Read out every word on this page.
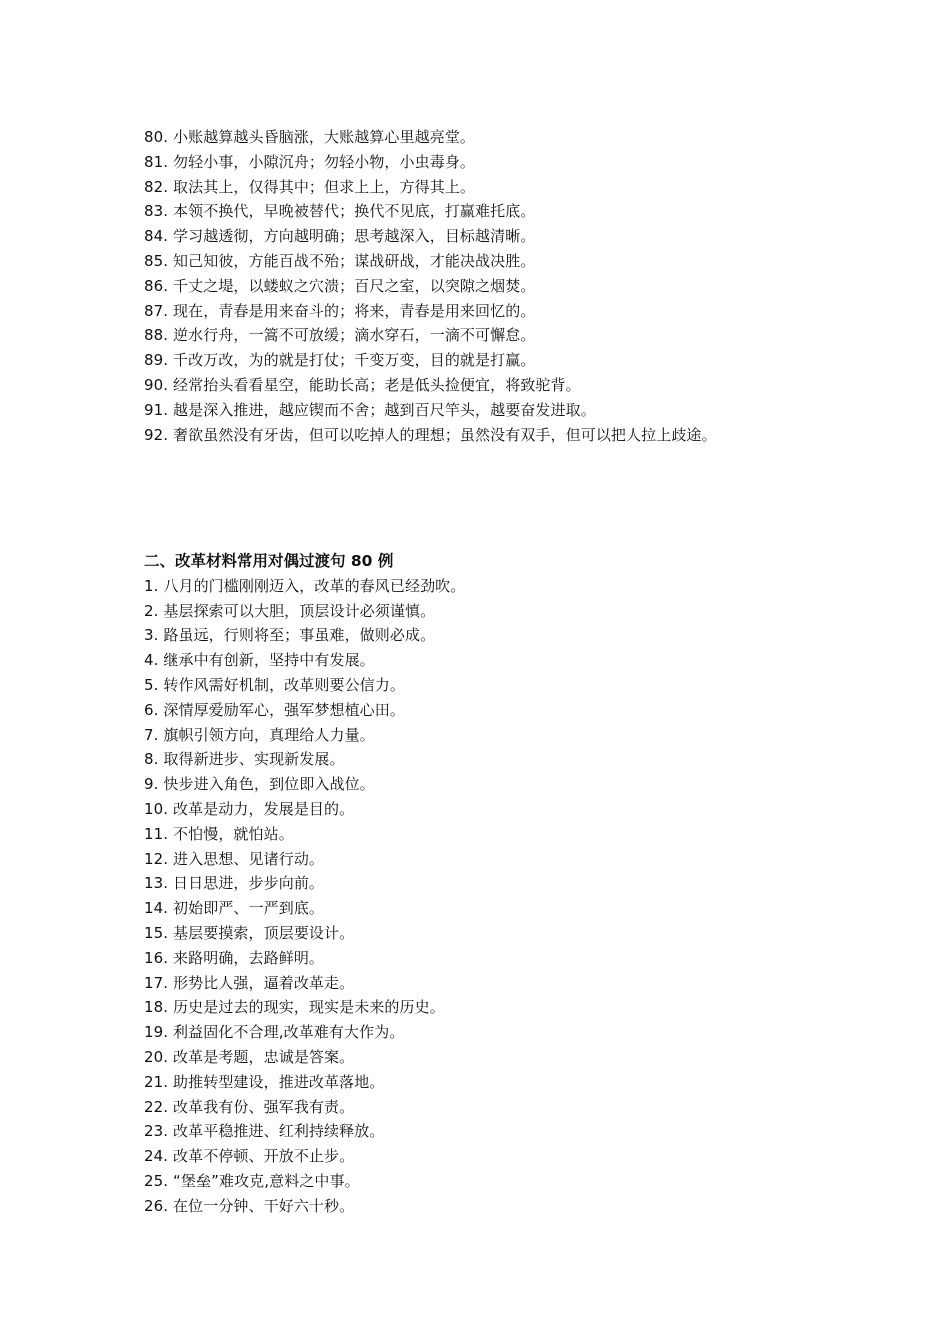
80. 小账越算越头昏脑涨，大账越算心里越亮堂。
81. 勿轻小事，小隙沉舟；勿轻小物，小虫毒身。
82. 取法其上，仅得其中；但求上上，方得其上。
83. 本领不换代，早晚被替代；换代不见底，打赢难托底。
84. 学习越透彻，方向越明确；思考越深入，目标越清晰。
85. 知己知彼，方能百战不殆；谋战研战，才能决战决胜。
86. 千丈之堤，以蝼蚁之穴溃；百尺之室，以突隙之烟焚。
87. 现在，青春是用来奋斗的；将来，青春是用来回忆的。
88. 逆水行舟，一篙不可放缓；滴水穿石，一滴不可懈怠。
89. 千改万改，为的就是打仗；千变万变，目的就是打赢。
90. 经常抬头看看星空，能助长高；老是低头捡便宜，将致驼背。
91. 越是深入推进，越应锲而不舍；越到百尺竿头，越要奋发进取。
92. 奢欲虽然没有牙齿，但可以吃掉人的理想；虽然没有双手，但可以把人拉上歧途。
二、改革材料常用对偶过渡句 80 例
1. 八月的门槛刚刚迈入，改革的春风已经劲吹。
2. 基层探索可以大胆，顶层设计必须谨慎。
3. 路虽远，行则将至；事虽难，做则必成。
4. 继承中有创新，坚持中有发展。
5. 转作风需好机制，改革则要公信力。
6. 深情厚爱励军心，强军梦想植心田。
7. 旗帜引领方向，真理给人力量。
8. 取得新进步、实现新发展。
9. 快步进入角色，到位即入战位。
10. 改革是动力，发展是目的。
11. 不怕慢，就怕站。
12. 进入思想、见诸行动。
13. 日日思进，步步向前。
14. 初始即严、一严到底。
15. 基层要摸索，顶层要设计。
16. 来路明确，去路鲜明。
17. 形势比人强，逼着改革走。
18. 历史是过去的现实，现实是未来的历史。
19. 利益固化不合理,改革难有大作为。
20. 改革是考题，忠诚是答案。
21. 助推转型建设，推进改革落地。
22. 改革我有份、强军我有责。
23. 改革平稳推进、红利持续释放。
24. 改革不停顿、开放不止步。
25. “堡垒”难攻克,意料之中事。
26. 在位一分钟、干好六十秒。
